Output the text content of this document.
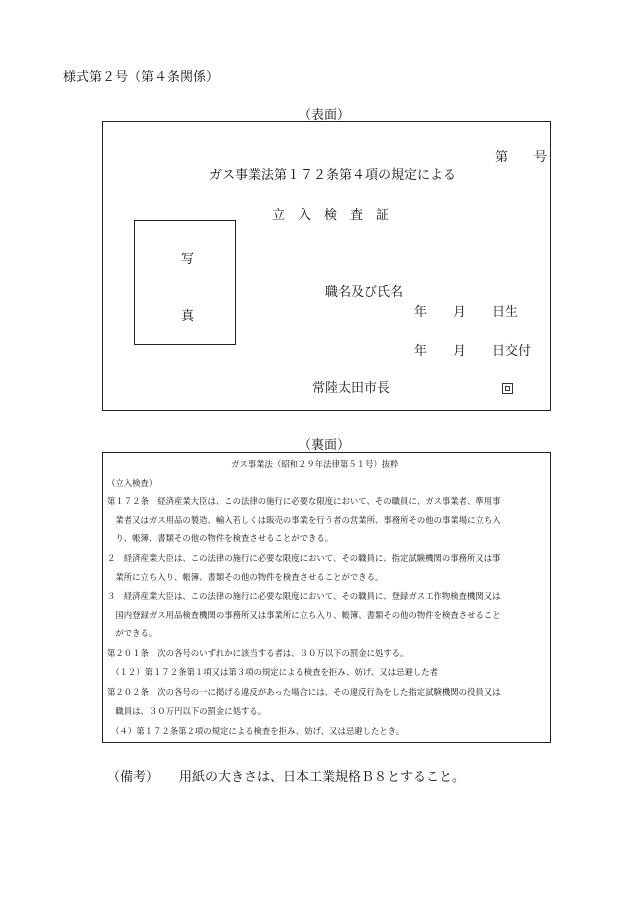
様式第２号（第４条関係）
（表面）
第　　号
ガス事業法第１７２条第４項の規定による
立　入　検　査　証
写
真
職名及び氏名
年　　月　　日生
年　　月　　日交付
常陸太田市長
（裏面）
ガス事業法（昭和２９年法律第５１号）抜粋
（立入検査）
第１７２条　経済産業大臣は、この法律の施行に必要な限度において、その職員に、ガス事業者、準用事
　業者又はガス用品の製造、輸入若しくは販売の事業を行う者の営業所、事務所その他の事業場に立ち入
　り、帳簿、書類その他の物件を検査させることができる。
２　経済産業大臣は、この法律の施行に必要な限度において、その職員に、指定試験機関の事務所又は事
　業所に立ち入り、帳簿、書類その他の物件を検査させることができる。
３　経済産業大臣は、この法律の施行に必要な限度において、その職員に、登録ガス工作物検査機関又は
　国内登録ガス用品検査機関の事務所又は事業所に立ち入り、帳簿、書類その他の物件を検査させること
　ができる。
第２０１条　次の各号のいずれかに該当する者は、３０万以下の罰金に処する。
　（１２）第１７２条第１項又は第３項の規定による検査を拒み、妨げ、又は忌避した者
第２０２条　次の各号の一に掲げる違反があった場合には、その違反行為をした指定試験機関の役員又は
　職員は、３０万円以下の罰金に処する。
　（４）第１７２条第２項の規定による検査を拒み、妨げ、又は忌避したとき。
（備考） 用紙の大きさは、日本工業規格Ｂ８とすること。
